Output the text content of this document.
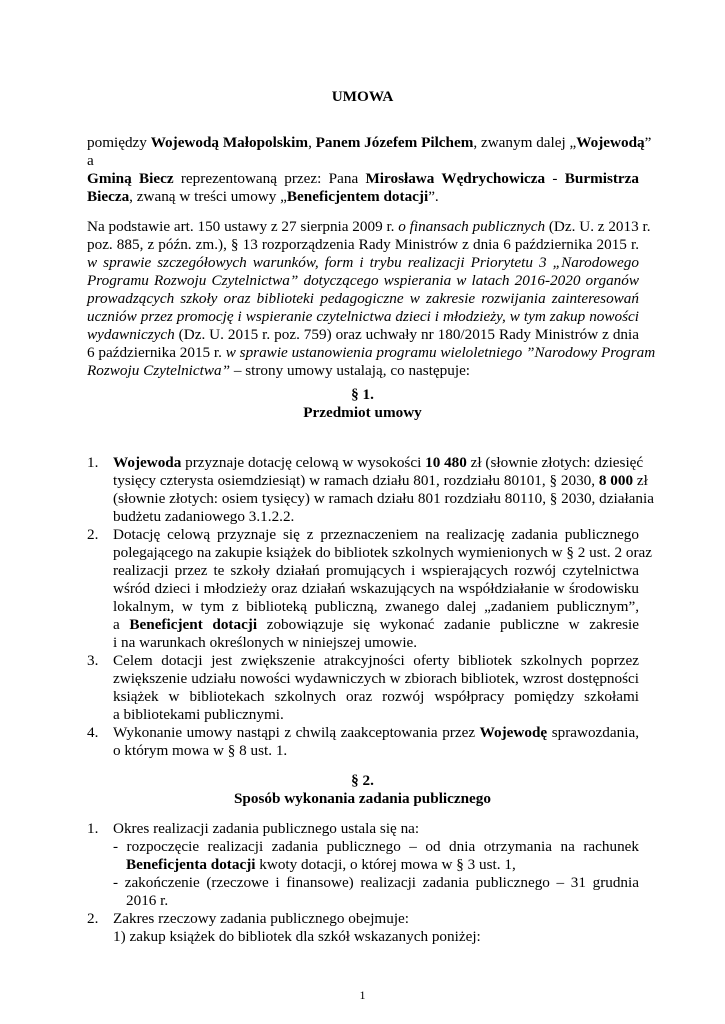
UMOWA
pomiędzy Wojewodą Małopolskim, Panem Józefem Pilchem, zwanym dalej „Wojewodą”
a
Gminą Biecz reprezentowaną przez: Pana Mirosława Wędrychowicza - Burmistrza
Biecza, zwaną w treści umowy „Beneficjentem dotacji”.
Na podstawie art. 150 ustawy z 27 sierpnia 2009 r. o finansach publicznych (Dz. U. z 2013 r.
poz. 885, z późn. zm.), § 13 rozporządzenia Rady Ministrów z dnia 6 października 2015 r.
w sprawie szczegółowych warunków, form i trybu realizacji Priorytetu 3 „Narodowego
Programu Rozwoju Czytelnictwa” dotyczącego wspierania w latach 2016-2020 organów
prowadzących szkoły oraz biblioteki pedagogiczne w zakresie rozwijania zainteresowań
uczniów przez promocję i wspieranie czytelnictwa dzieci i młodzieży, w tym zakup nowości
wydawniczych (Dz. U. 2015 r. poz. 759) oraz uchwały nr 180/2015 Rady Ministrów z dnia
6 października 2015 r. w sprawie ustanowienia programu wieloletniego ”Narodowy Program
Rozwoju Czytelnictwa” – strony umowy ustalają, co następuje:
§ 1.
Przedmiot umowy
1. Wojewoda przyznaje dotację celową w wysokości 10 480 zł (słownie złotych: dziesięć
tysięcy czterysta osiemdziesiąt) w ramach działu 801, rozdziału 80101, § 2030, 8 000 zł
(słownie złotych: osiem tysięcy) w ramach działu 801 rozdziału 80110, § 2030, działania
budżetu zadaniowego 3.1.2.2.
2. Dotację celową przyznaje się z przeznaczeniem na realizację zadania publicznego
polegającego na zakupie książek do bibliotek szkolnych wymienionych w § 2 ust. 2 oraz
realizacji przez te szkoły działań promujących i wspierających rozwój czytelnictwa
wśród dzieci i młodzieży oraz działań wskazujących na współdziałanie w środowisku
lokalnym, w tym z biblioteką publiczną, zwanego dalej „zadaniem publicznym”,
a Beneficjent dotacji zobowiązuje się wykonać zadanie publiczne w zakresie
i na warunkach określonych w niniejszej umowie.
3. Celem dotacji jest zwiększenie atrakcyjności oferty bibliotek szkolnych poprzez
zwiększenie udziału nowości wydawniczych w zbiorach bibliotek, wzrost dostępności
książek w bibliotekach szkolnych oraz rozwój współpracy pomiędzy szkołami
a bibliotekami publicznymi.
4. Wykonanie umowy nastąpi z chwilą zaakceptowania przez Wojewodę sprawozdania,
o którym mowa w § 8 ust. 1.
§ 2.
Sposób wykonania zadania publicznego
1. Okres realizacji zadania publicznego ustala się na:
- rozpoczęcie realizacji zadania publicznego – od dnia otrzymania na rachunek
Beneficjenta dotacji kwoty dotacji, o której mowa w § 3 ust. 1,
- zakończenie (rzeczowe i finansowe) realizacji zadania publicznego – 31 grudnia
2016 r.
2. Zakres rzeczowy zadania publicznego obejmuje:
1) zakup książek do bibliotek dla szkół wskazanych poniżej:
1
